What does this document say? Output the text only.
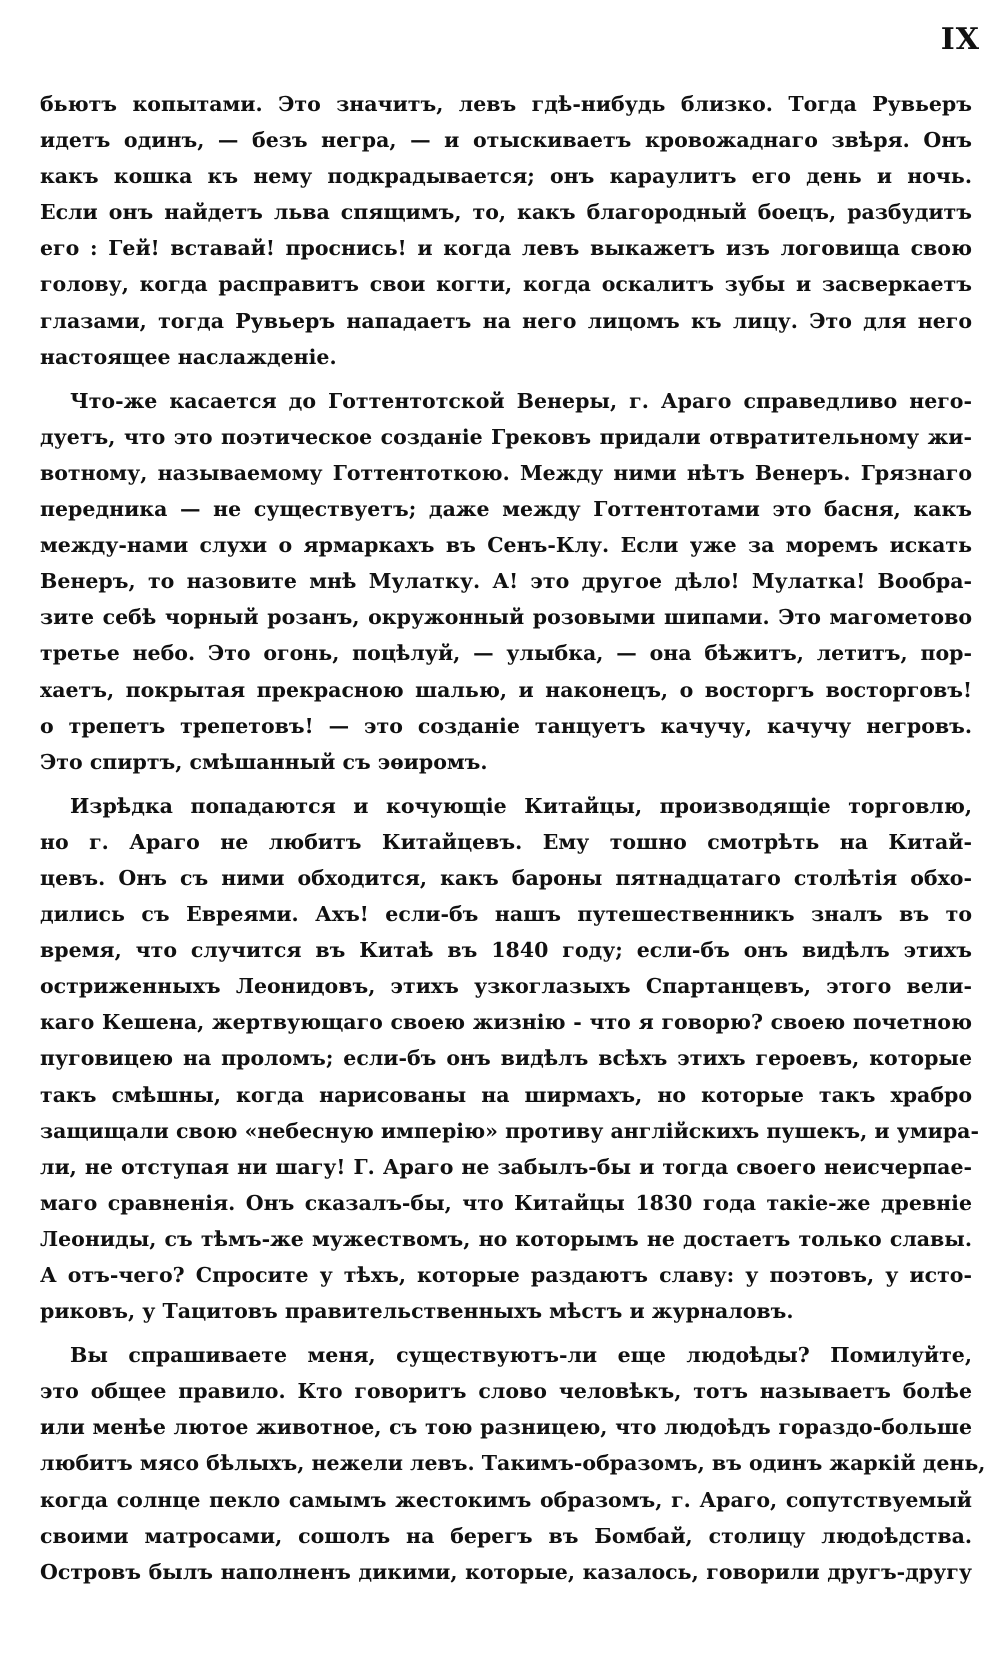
IX
бьютъ копытами. Это значитъ, левъ гдѣ-нибудь близко. Тогда Рувьеръ
идетъ одинъ, — безъ негра, — и отыскиваетъ кровожаднаго звѣря. Онъ
какъ кошка къ нему подкрадывается; онъ караулитъ его день и ночь.
Если онъ найдетъ льва спящимъ, то, какъ благородный боецъ, разбудитъ
его : Гей! вставай! проснись! и когда левъ выкажетъ изъ логовища свою
голову, когда расправитъ свои когти, когда оскалитъ зубы и засверкаетъ
глазами, тогда Рувьеръ нападаетъ на него лицомъ къ лицу. Это для него
настоящее наслажденіе.
Что-же касается до Готтентотской Венеры, г. Араго справедливо него-
дуетъ, что это поэтическое созданіе Грековъ придали отвратительному жи-
вотному, называемому Готтентоткою. Между ними нѣтъ Венеръ. Грязнаго
передника — не существуетъ; даже между Готтентотами это басня, какъ
между-нами слухи о ярмаркахъ въ Сенъ-Клу. Если уже за моремъ искать
Венеръ, то назовите мнѣ Мулатку. А! это другое дѣло! Мулатка! Вообра-
зите себѣ чорный розанъ, окружонный розовыми шипами. Это магометово
третье небо. Это огонь, поцѣлуй, — улыбка, — она бѣжитъ, летитъ, пор-
хаетъ, покрытая прекрасною шалью, и наконецъ, о восторгъ восторговъ!
о трепетъ трепетовъ! — это созданіе танцуетъ качучу, качучу негровъ.
Это спиртъ, смѣшанный съ эѳиромъ.
Изрѣдка попадаются и кочующіе Китайцы, производящіе торговлю,
но г. Араго не любитъ Китайцевъ. Ему тошно смотрѣть на Китай-
цевъ. Онъ съ ними обходится, какъ бароны пятнадцатаго столѣтія обхо-
дились съ Евреями. Ахъ! если-бъ нашъ путешественникъ зналъ въ то
время, что случится въ Китаѣ въ 1840 году; если-бъ онъ видѣлъ этихъ
остриженныхъ Леонидовъ, этихъ узкоглазыхъ Спартанцевъ, этого вели-
каго Кешена, жертвующаго своею жизнію - что я говорю? своею почетною
пуговицею на проломъ; если-бъ онъ видѣлъ всѣхъ этихъ героевъ, которые
такъ смѣшны, когда нарисованы на ширмахъ, но которые такъ храбро
защищали свою «небесную имперію» противу англійскихъ пушекъ, и умира-
ли, не отступая ни шагу! Г. Араго не забылъ-бы и тогда своего неисчерпае-
маго сравненія. Онъ сказалъ-бы, что Китайцы 1830 года такіе-же древніе
Леониды, съ тѣмъ-же мужествомъ, но которымъ не достаетъ только славы.
А отъ-чего? Спросите у тѣхъ, которые раздаютъ славу: у поэтовъ, у исто-
риковъ, у Тацитовъ правительственныхъ мѣстъ и журналовъ.
Вы спрашиваете меня, существуютъ-ли еще людоѣды? Помилуйте,
это общее правило. Кто говоритъ слово человѣкъ, тотъ называетъ болѣе
или менѣе лютое животное, съ тою разницею, что людоѣдъ гораздо-больше
любитъ мясо бѣлыхъ, нежели левъ. Такимъ-образомъ, въ одинъ жаркій день,
когда солнце пекло самымъ жестокимъ образомъ, г. Араго, сопутствуемый
своими матросами, сошолъ на берегъ въ Бомбай, столицу людоѣдства.
Островъ былъ наполненъ дикими, которые, казалось, говорили другъ-другу
